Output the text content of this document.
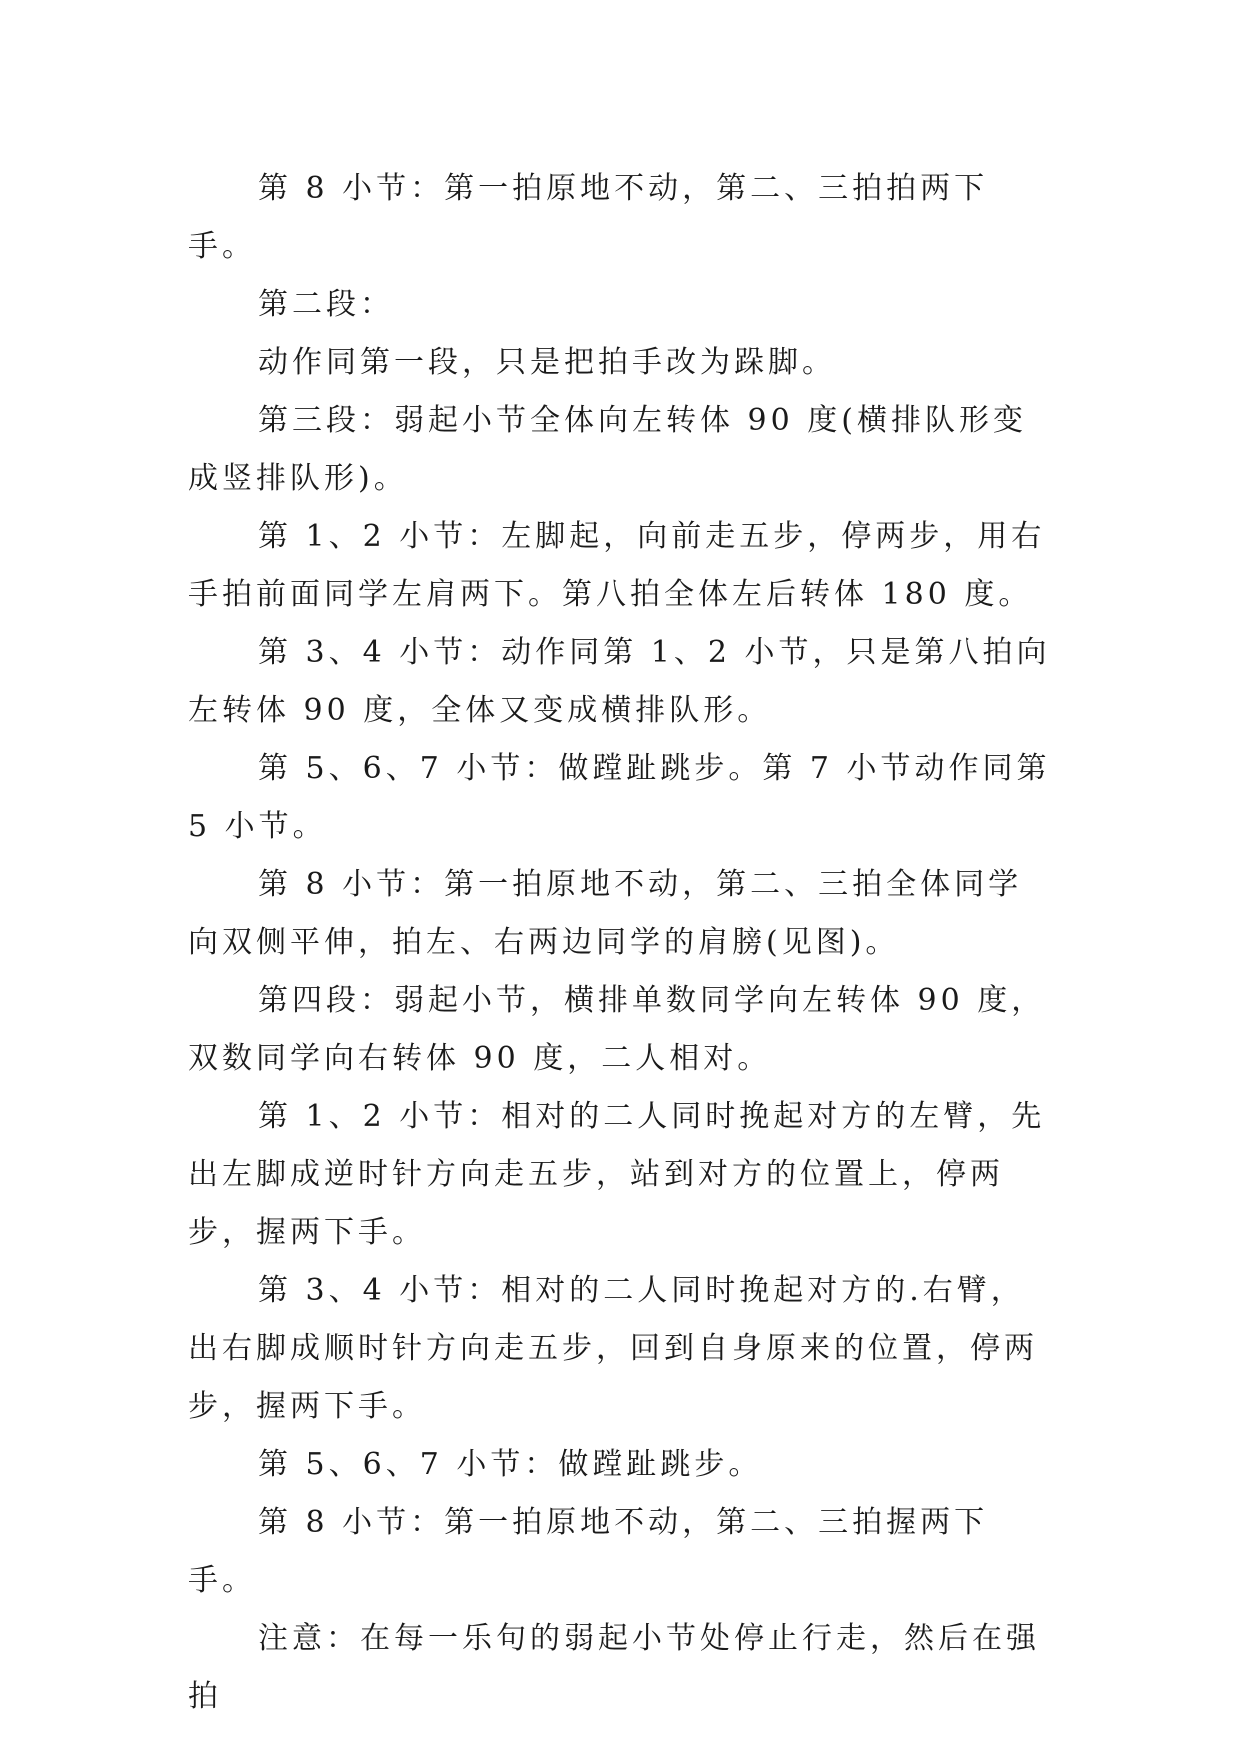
第 8 小节：第一拍原地不动，第二、三拍拍两下手。

第二段：

动作同第一段，只是把拍手改为跺脚。

第三段：弱起小节全体向左转体 90 度(横排队形变成竖排队形)。

第 1、2 小节：左脚起，向前走五步，停两步，用右手拍前面同学左肩两下。第八拍全体左后转体 180 度。

第 3、4 小节：动作同第 1、2 小节，只是第八拍向左转体 90 度，全体又变成横排队形。

第 5、6、7 小节：做蹚趾跳步。第 7 小节动作同第 5 小节。

第 8 小节：第一拍原地不动，第二、三拍全体同学向双侧平伸，拍左、右两边同学的肩膀(见图)。

第四段：弱起小节，横排单数同学向左转体 90 度，双数同学向右转体 90 度，二人相对。

第 1、2 小节：相对的二人同时挽起对方的左臂，先出左脚成逆时针方向走五步，站到对方的位置上，停两步，握两下手。

第 3、4 小节：相对的二人同时挽起对方的.右臂，出右脚成顺时针方向走五步，回到自身原来的位置，停两步，握两下手。

第 5、6、7 小节：做蹚趾跳步。

第 8 小节：第一拍原地不动，第二、三拍握两下手。

注意：在每一乐句的弱起小节处停止行走，然后在强拍
